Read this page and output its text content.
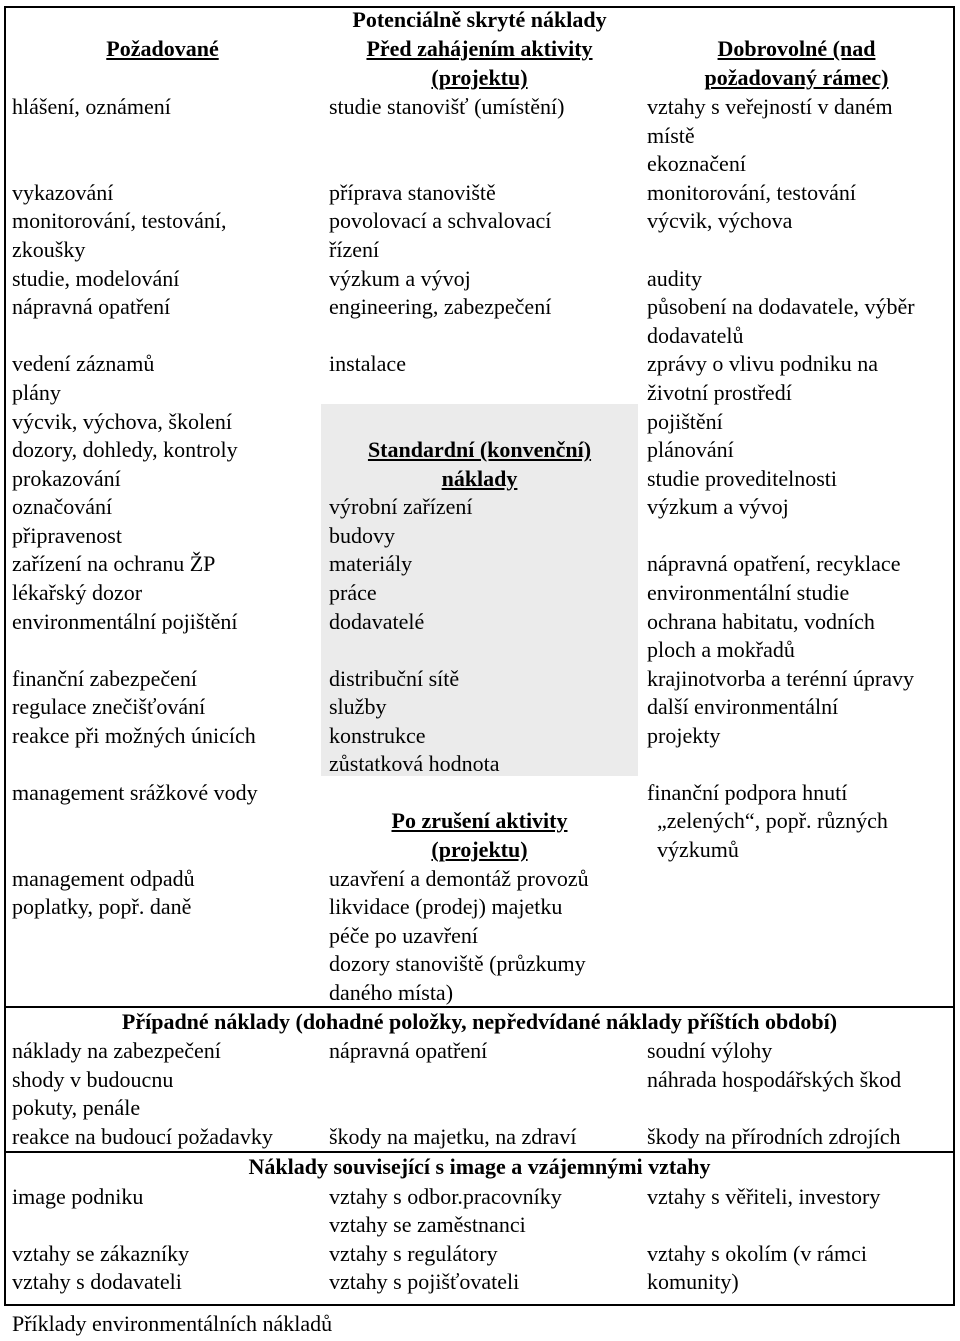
Potenciálně skryté náklady
Požadované	Před zahájením aktivity
(projektu)
Dobrovolné (nad
požadovaný rámec)
hlášení, oznámení
vykazování
monitorování, testování,
zkoušky
studie, modelování
nápravná opatření
vedení záznamů
plány
výcvik, výchova, školení
dozory, dohledy, kontroly
prokazování
označování
připravenost
zařízení na ochranu ŽP
lékařský dozor
environmentální pojištění
finanční zabezpečení
regulace znečišťování
reakce při možných únicích
management srážkové vody
management odpadů
poplatky, popř. daně
studie stanovišť (umístění)
příprava stanoviště
povolovací a schvalovací
řízení
výzkum a vývoj
engineering, zabezpečení
instalace
Standardní (konvenční)
náklady
výrobní zařízení
budovy
materiály
práce
dodavatelé
distribuční sítě
služby
konstrukce
zůstatková hodnota
Po zrušení aktivity
(projektu)
uzavření a demontáž provozů
likvidace (prodej) majetku
péče po uzavření
dozory stanoviště (průzkumy
daného místa)
vztahy s veřejností v daném
místě
ekoznačení
monitorování, testování
výcvik, výchova
audity
působení na dodavatele, výběr
dodavatelů
zprávy o vlivu podniku na
životní prostředí
pojištění
plánování
studie proveditelnosti
výzkum a vývoj
nápravná opatření, recyklace
environmentální studie
ochrana habitatu, vodních
ploch a mokřadů
krajinotvorba a terénní úpravy
další environmentální
projekty
finanční podpora hnutí
„zelených“, popř. různých
výzkumů
Případné náklady (dohadné položky, nepředvídané náklady příštích období)
náklady na zabezpečení
shody v budoucnu
pokuty, penále
reakce na budoucí požadavky
nápravná opatření
škody na majetku, na zdraví
soudní výlohy
náhrada hospodářských škod
škody na přírodních zdrojích
Náklady související s image a vzájemnými vztahy
image podniku
vztahy se zákazníky
vztahy s dodavateli
vztahy s odbor.pracovníky
vztahy se zaměstnanci
vztahy s regulátory
vztahy s pojišťovateli
vztahy s věřiteli, investory
vztahy s okolím (v rámci
komunity)
Příklady environmentálních nákladů
